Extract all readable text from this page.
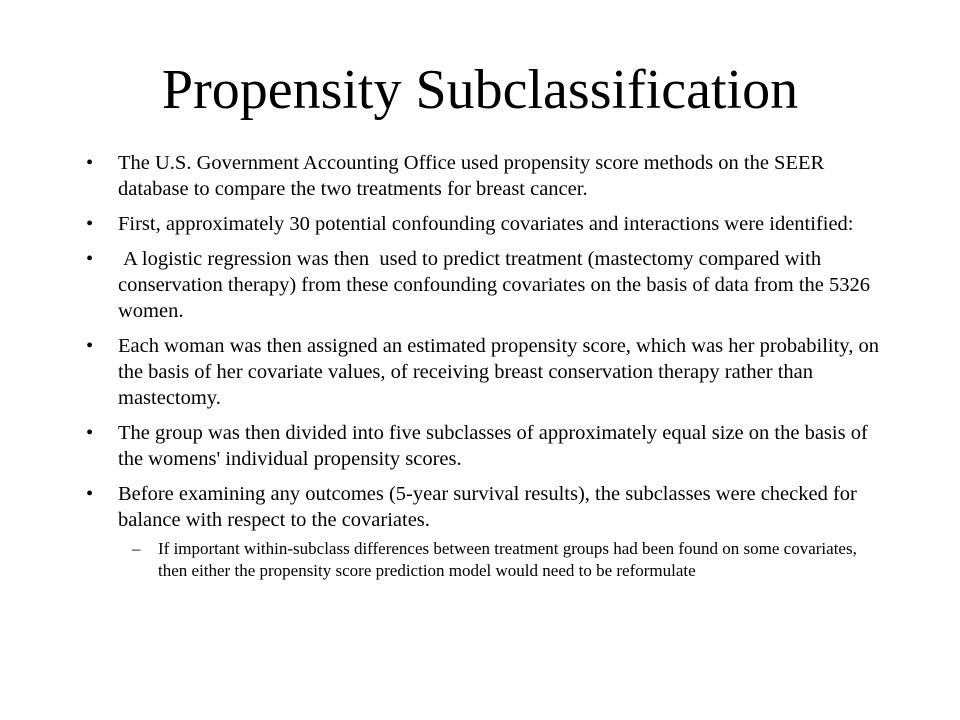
Propensity Subclassification
• The U.S. Government Accounting Office used propensity score methods on the SEER database to compare the two treatments for breast cancer.
• First, approximately 30 potential confounding covariates and interactions were identified:
• A logistic regression was then  used to predict treatment (mastectomy compared with conservation therapy) from these confounding covariates on the basis of data from the 5326 women.
• Each woman was then assigned an estimated propensity score, which was her probability, on the basis of her covariate values, of receiving breast conservation therapy rather than mastectomy.
• The group was then divided into five subclasses of approximately equal size on the basis of the womens' individual propensity scores.
• Before examining any outcomes (5-year survival results), the subclasses were checked for balance with respect to the covariates.
– If important within-subclass differences between treatment groups had been found on some covariates, then either the propensity score prediction model would need to be reformulate
